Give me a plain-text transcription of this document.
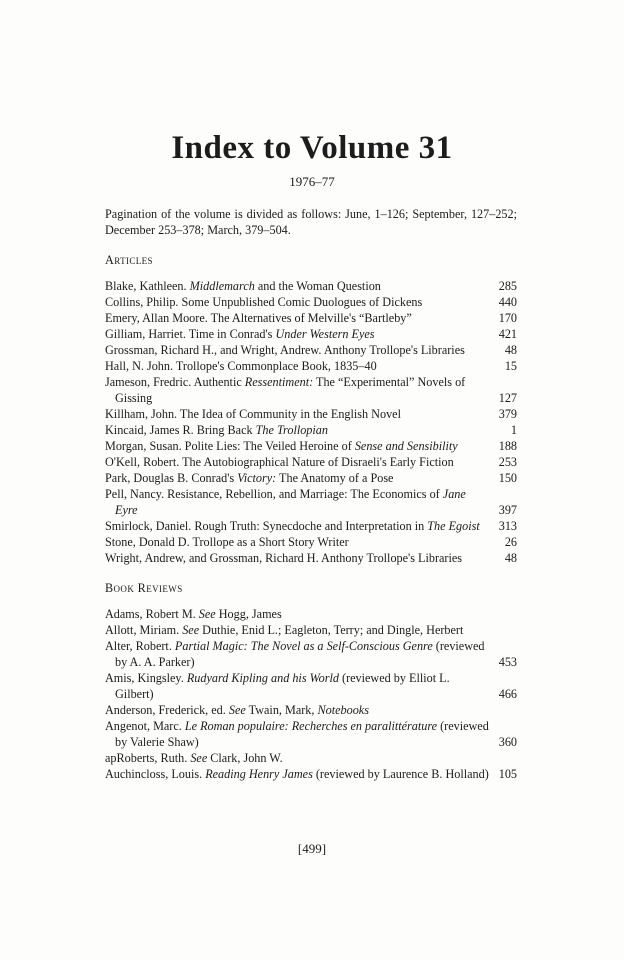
Index to Volume 31
1976–77
Pagination of the volume is divided as follows: June, 1–126; September, 127–252; December 253–378; March, 379–504.
Articles
Blake, Kathleen. Middlemarch and the Woman Question	285
Collins, Philip. Some Unpublished Comic Duologues of Dickens	440
Emery, Allan Moore. The Alternatives of Melville's “Bartleby”	170
Gilliam, Harriet. Time in Conrad's Under Western Eyes	421
Grossman, Richard H., and Wright, Andrew. Anthony Trollope's Libraries	48
Hall, N. John. Trollope's Commonplace Book, 1835–40	15
Jameson, Fredric. Authentic Ressentiment: The “Experimental” Novels of Gissing	127
Killham, John. The Idea of Community in the English Novel	379
Kincaid, James R. Bring Back The Trollopian	1
Morgan, Susan. Polite Lies: The Veiled Heroine of Sense and Sensibility	188
O'Kell, Robert. The Autobiographical Nature of Disraeli's Early Fiction	253
Park, Douglas B. Conrad's Victory: The Anatomy of a Pose	150
Pell, Nancy. Resistance, Rebellion, and Marriage: The Economics of Jane Eyre	397
Smirlock, Daniel. Rough Truth: Synecdoche and Interpretation in The Egoist	313
Stone, Donald D. Trollope as a Short Story Writer	26
Wright, Andrew, and Grossman, Richard H. Anthony Trollope's Libraries	48
Book Reviews
Adams, Robert M. See Hogg, James
Allott, Miriam. See Duthie, Enid L.; Eagleton, Terry; and Dingle, Herbert
Alter, Robert. Partial Magic: The Novel as a Self-Conscious Genre (reviewed by A. A. Parker)	453
Amis, Kingsley. Rudyard Kipling and his World (reviewed by Elliot L. Gilbert)	466
Anderson, Frederick, ed. See Twain, Mark, Notebooks
Angenot, Marc. Le Roman populaire: Recherches en paralittérature (reviewed by Valerie Shaw)	360
apRoberts, Ruth. See Clark, John W.
Auchincloss, Louis. Reading Henry James (reviewed by Laurence B. Holland) 105
[499]
